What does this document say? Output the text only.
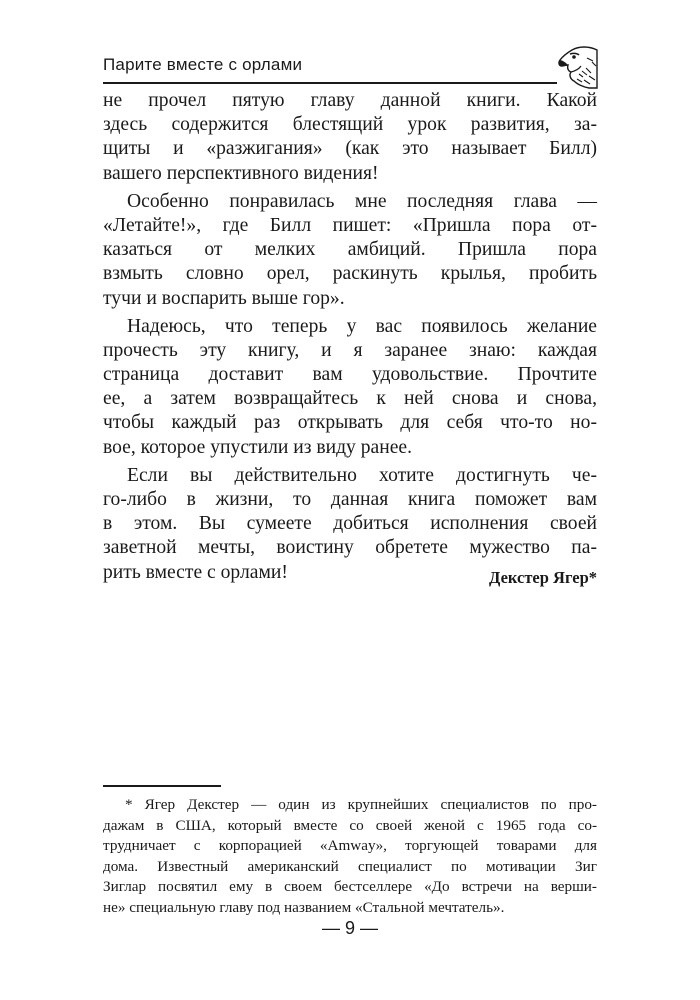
Парите вместе с орлами
не прочел пятую главу данной книги. Какой
здесь содержится блестящий урок развития, за-
щиты и «разжигания» (как это называет Билл)
вашего перспективного видения!
Особенно понравилась мне последняя глава —
«Летайте!», где Билл пишет: «Пришла пора от-
казаться от мелких амбиций. Пришла пора
взмыть словно орел, раскинуть крылья, пробить
тучи и воспарить выше гор».
Надеюсь, что теперь у вас появилось желание
прочесть эту книгу, и я заранее знаю: каждая
страница доставит вам удовольствие. Прочтите
ее, а затем возвращайтесь к ней снова и снова,
чтобы каждый раз открывать для себя что-то но-
вое, которое упустили из виду ранее.
Если вы действительно хотите достигнуть че-
го-либо в жизни, то данная книга поможет вам
в этом. Вы сумеете добиться исполнения своей
заветной мечты, воистину обретете мужество па-
рить вместе с орлами!	Декстер Ягер*
* Ягер Декстер — один из крупнейших специалистов по про-
дажам в США, который вместе со своей женой с 1965 года со-
трудничает с корпорацией «Amway», торгующей товарами для
дома. Известный американский специалист по мотивации Зиг
Зиглар посвятил ему в своем бестселлере «До встречи на верши-
не» специальную главу под названием «Стальной мечтатель».
— 9 —
